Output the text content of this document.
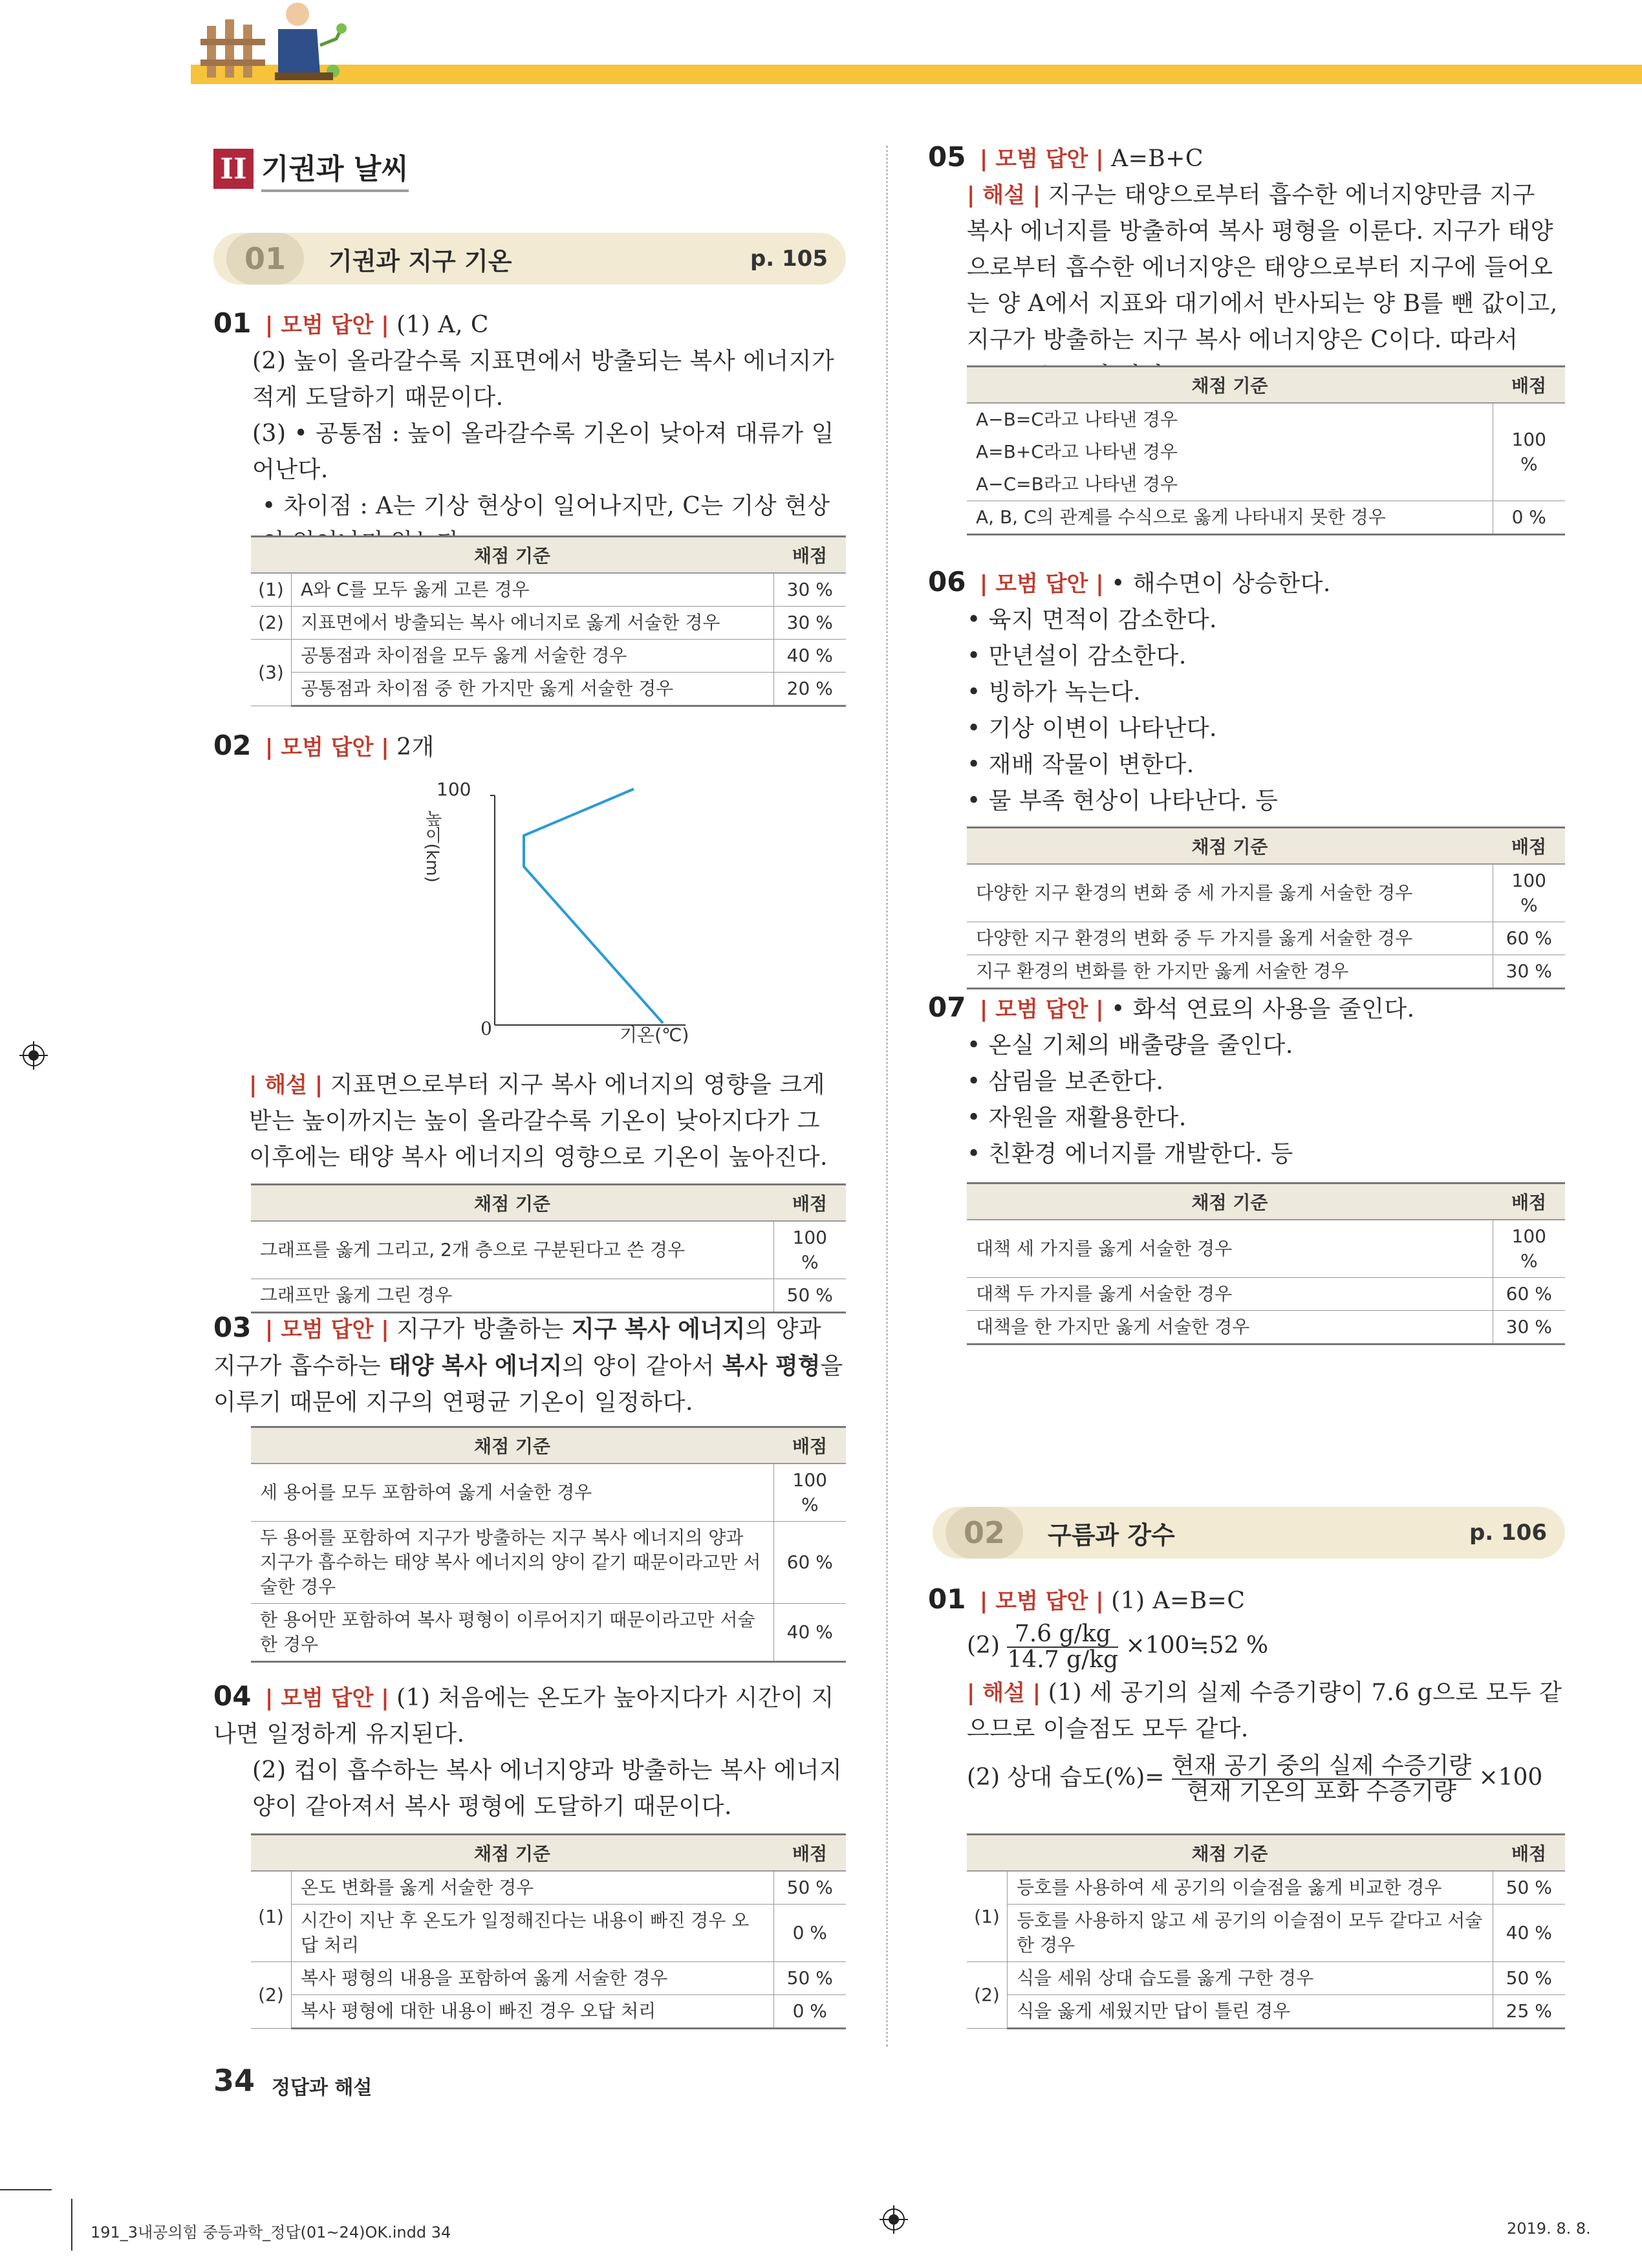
II 기권과 날씨
01	기권과 지구 기온	p. 105
01 | 모범 답안 | (1) A, C
(2) 높이 올라갈수록 지표면에서 방출되는 복사 에너지가 적게 도달하기 때문이다.
(3) • 공통점 : 높이 올라갈수록 기온이 낮아져 대류가 일어난다.
• 차이점 : A는 기상 현상이 일어나지만, C는 기상 현상
채점 기준		배점
(1)	A와 C를 모두 옳게 고른 경우	30 %
(2)	지표면에서 방출되는 복사 에너지로 옳게 서술한 경우	30 %
(3)	공통점과 차이점을 모두 옳게 서술한 경우	40 %
	공통점과 차이점 중 한 가지만 옳게 서술한 경우	20 %
02 | 모범 답안 | 2개
100
0	기온(℃)
높이(km)
| 해설 | 지표면으로부터 지구 복사 에너지의 영향을 크게 받는 높이까지는 높이 올라갈수록 기온이 낮아지다가 그 이후에는 태양 복사 에너지의 영향으로 기온이 높아진다.
채점 기준	배점
그래프를 옳게 그리고, 2개 층으로 구분된다고 쓴 경우	100 %
그래프만 옳게 그린 경우	50 %
03 | 모범 답안 | 지구가 방출하는 지구 복사 에너지의 양과 지구가 흡수하는 태양 복사 에너지의 양이 같아서 복사 평형을 이루기 때문에 지구의 연평균 기온이 일정하다.
채점 기준	배점
세 용어를 모두 포함하여 옳게 서술한 경우	100 %
두 용어를 포함하여 지구가 방출하는 지구 복사 에너지의 양과 지구가 흡수하는 태양 복사 에너지의 양이 같기 때문이라고만 서술한 경우	60 %
한 용어만 포함하여 복사 평형이 이루어지기 때문이라고만 서술한 경우	40 %
04 | 모범 답안 | (1) 처음에는 온도가 높아지다가 시간이 지나면 일정하게 유지된다.
(2) 컵이 흡수하는 복사 에너지양과 방출하는 복사 에너지양이 같아져서 복사 평형에 도달하기 때문이다.
채점 기준		배점
(1)	온도 변화를 옳게 서술한 경우	50 %
	시간이 지난 후 온도가 일정해진다는 내용이 빠진 경우 오답 처리	0 %
(2)	복사 평형의 내용을 포함하여 옳게 서술한 경우	50 %
	복사 평형에 대한 내용이 빠진 경우 오답 처리	0 %
05 | 모범 답안 | A=B+C
| 해설 | 지구는 태양으로부터 흡수한 에너지양만큼 지구 복사 에너지를 방출하여 복사 평형을 이룬다. 지구가 태양으로부터 흡수한 에너지양은 태양으로부터 지구에 들어오는 양 A에서 지표와 대기에서 반사되는 양 B를 뺀 값이고, 지구가 방출하는 지구 복사 에너지양은 C이다. 따라서
채점 기준	배점
A−B=C라고 나타낸 경우	100 %
A=B+C라고 나타낸 경우	
A−C=B라고 나타낸 경우	
A, B, C의 관계를 수식으로 옳게 나타내지 못한 경우	0 %
06 | 모범 답안 | • 해수면이 상승한다.
• 육지 면적이 감소한다.
• 만년설이 감소한다.
• 빙하가 녹는다.
• 기상 이변이 나타난다.
• 재배 작물이 변한다.
• 물 부족 현상이 나타난다. 등
채점 기준	배점
다양한 지구 환경의 변화 중 세 가지를 옳게 서술한 경우	100 %
다양한 지구 환경의 변화 중 두 가지를 옳게 서술한 경우	60 %
지구 환경의 변화를 한 가지만 옳게 서술한 경우	30 %
07 | 모범 답안 | • 화석 연료의 사용을 줄인다.
• 온실 기체의 배출량을 줄인다.
• 삼림을 보존한다.
• 자원을 재활용한다.
• 친환경 에너지를 개발한다. 등
채점 기준	배점
대책 세 가지를 옳게 서술한 경우	100 %
대책 두 가지를 옳게 서술한 경우	60 %
대책을 한 가지만 옳게 서술한 경우	30 %
02	구름과 강수	p. 106
01 | 모범 답안 | (1) A=B=C
$(2) \frac{7.6 g/kg}{14.7 g/kg}$ ×100≒52 %
| 해설 | (1) 세 공기의 실제 수증기량이 7.6 g으로 모두 같으므로 이슬점도 모두 같다.
(2) 상대 습도(%)= $\frac{\text{현재 공기 중의 실제 수증기량}}{\text{현재 기온의 포화 수증기량}} \times 100$
채점 기준		배점
(1)	등호를 사용하여 세 공기의 이슬점을 옳게 비교한 경우	50 %
	등호를 사용하지 않고 세 공기의 이슬점이 모두 같다고 서술한 경우	40 %
(2)	식을 세워 상대 습도를 옳게 구한 경우	50 %
	식을 옳게 세웠지만 답이 틀린 경우	25 %
34 정답과 해설
191_3내공의힘 중등과학_정답(01~24)OK.indd 34	2019. 8. 8.
